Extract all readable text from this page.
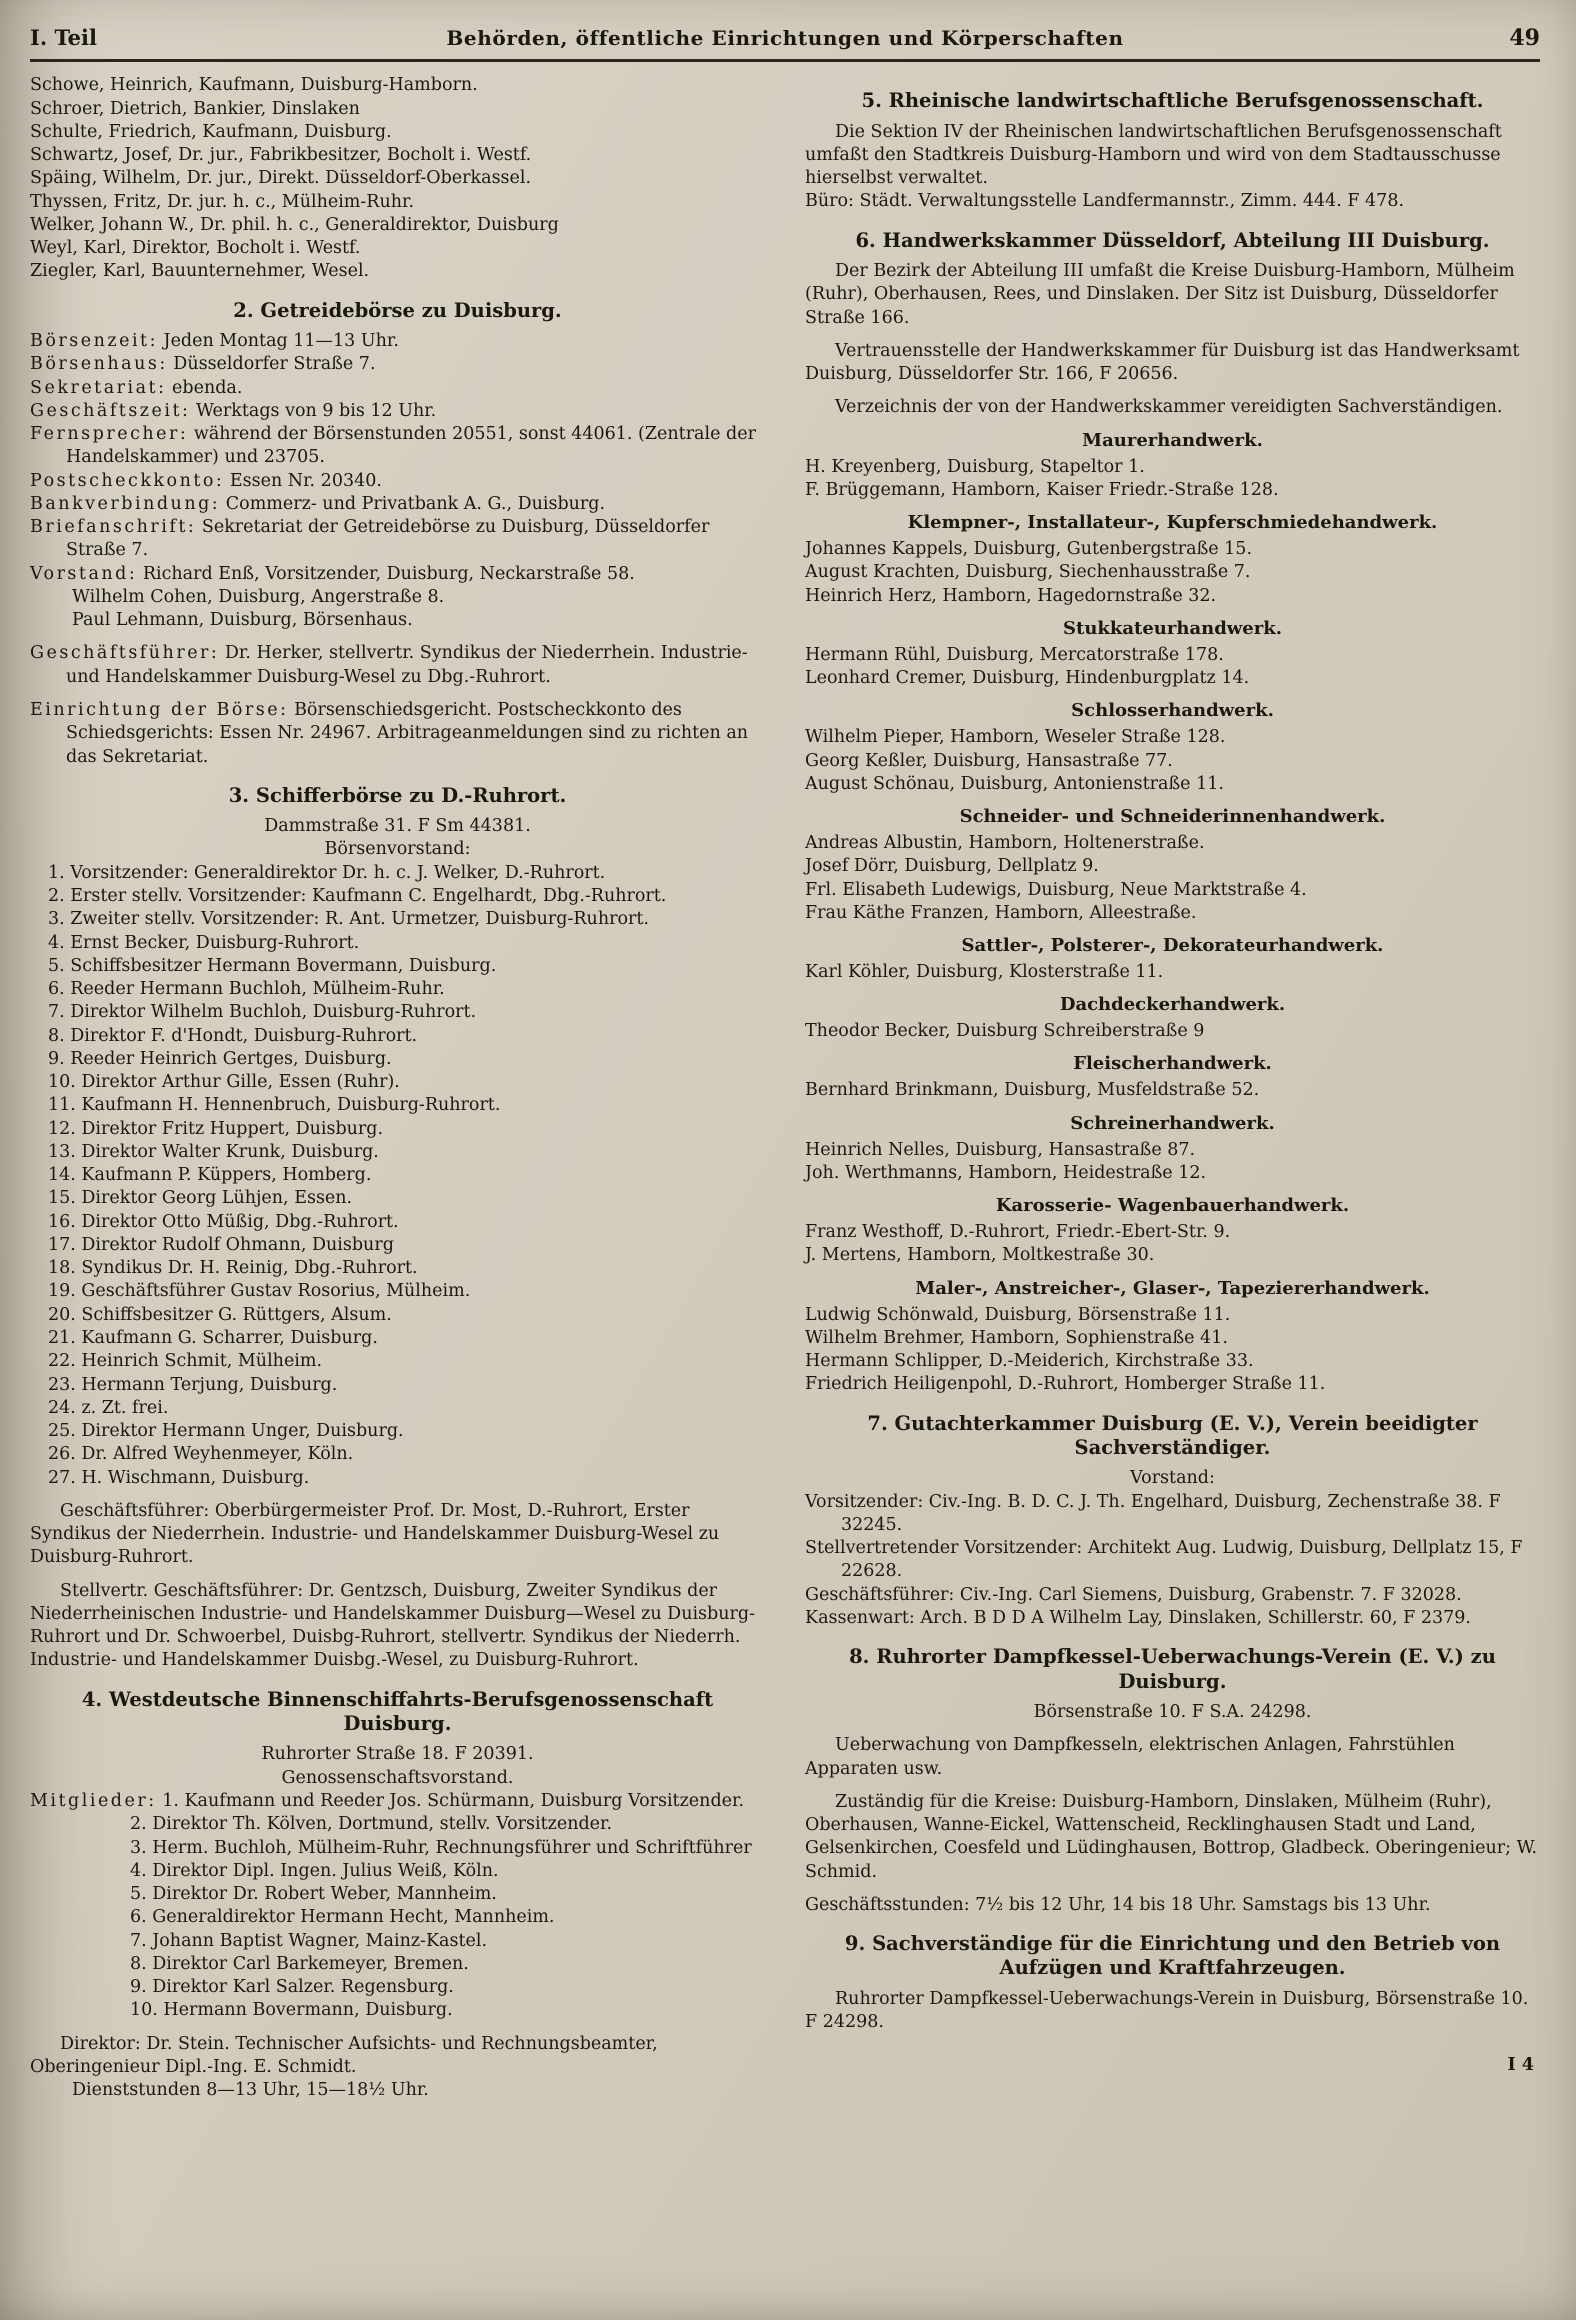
I. Teil	Behörden, öffentliche Einrichtungen und Körperschaften	49
Schowe, Heinrich, Kaufmann, Duisburg-Hamborn.
Schroer, Dietrich, Bankier, Dinslaken
Schulte, Friedrich, Kaufmann, Duisburg.
Schwartz, Josef, Dr. jur., Fabrikbesitzer, Bocholt i. Westf.
Späing, Wilhelm, Dr. jur., Direkt. Düsseldorf-Oberkassel.
Thyssen, Fritz, Dr. jur. h. c., Mülheim-Ruhr.
Welker, Johann W., Dr. phil. h. c., Generaldirektor, Duisburg
Weyl, Karl, Direktor, Bocholt i. Westf.
Ziegler, Karl, Bauunternehmer, Wesel.
2. Getreidebörse zu Duisburg.
Börsenzeit: Jeden Montag 11—13 Uhr.
Börsenhaus: Düsseldorfer Straße 7.
Sekretariat: ebenda.
Geschäftszeit: Werktags von 9 bis 12 Uhr.
Fernsprecher: während der Börsenstunden 20551, sonst 44061. (Zentrale der Handelskammer) und 23705.
Postscheckkonto: Essen Nr. 20340.
Bankverbindung: Commerz- und Privatbank A. G., Duisburg.
Briefanschrift: Sekretariat der Getreidebörse zu Duisburg, Düsseldorfer Straße 7.
Vorstand: Richard Enß, Vorsitzender, Duisburg, Neckarstraße 58.
Wilhelm Cohen, Duisburg, Angerstraße 8.
Paul Lehmann, Duisburg, Börsenhaus.
Geschäftsführer: Dr. Herker, stellvertr. Syndikus der Niederrhein. Industrie- und Handelskammer Duisburg-Wesel zu Dbg.-Ruhrort.
Einrichtung der Börse: Börsenschiedsgericht. Postscheckkonto des Schiedsgerichts: Essen Nr. 24967. Arbitrageanmeldungen sind zu richten an das Sekretariat.
3. Schifferbörse zu D.-Ruhrort.
Dammstraße 31. F Sm 44381.
Börsenvorstand:
1. Vorsitzender: Generaldirektor Dr. h. c. J. Welker, D.-Ruhrort.
2. Erster stellv. Vorsitzender: Kaufmann C. Engelhardt, Dbg.-Ruhrort.
3. Zweiter stellv. Vorsitzender: R. Ant. Urmetzer, Duisburg-Ruhrort.
4. Ernst Becker, Duisburg-Ruhrort.
5. Schiffsbesitzer Hermann Bovermann, Duisburg.
6. Reeder Hermann Buchloh, Mülheim-Ruhr.
7. Direktor Wilhelm Buchloh, Duisburg-Ruhrort.
8. Direktor F. d'Hondt, Duisburg-Ruhrort.
9. Reeder Heinrich Gertges, Duisburg.
10. Direktor Arthur Gille, Essen (Ruhr).
11. Kaufmann H. Hennenbruch, Duisburg-Ruhrort.
12. Direktor Fritz Huppert, Duisburg.
13. Direktor Walter Krunk, Duisburg.
14. Kaufmann P. Küppers, Homberg.
15. Direktor Georg Lühjen, Essen.
16. Direktor Otto Müßig, Dbg.-Ruhrort.
17. Direktor Rudolf Ohmann, Duisburg
18. Syndikus Dr. H. Reinig, Dbg.-Ruhrort.
19. Geschäftsführer Gustav Rosorius, Mülheim.
20. Schiffsbesitzer G. Rüttgers, Alsum.
21. Kaufmann G. Scharrer, Duisburg.
22. Heinrich Schmit, Mülheim.
23. Hermann Terjung, Duisburg.
24. z. Zt. frei.
25. Direktor Hermann Unger, Duisburg.
26. Dr. Alfred Weyhenmeyer, Köln.
27. H. Wischmann, Duisburg.
Geschäftsführer: Oberbürgermeister Prof. Dr. Most, D.-Ruhrort, Erster Syndikus der Niederrhein. Industrie- und Handelskammer Duisburg-Wesel zu Duisburg-Ruhrort.
Stellvertr. Geschäftsführer: Dr. Gentzsch, Duisburg, Zweiter Syndikus der Niederrheinischen Industrie- und Handelskammer Duisburg—Wesel zu Duisburg-Ruhrort und Dr. Schwoerbel, Duisbg-Ruhrort, stellvertr. Syndikus der Niederrh. Industrie- und Handelskammer Duisbg.-Wesel, zu Duisburg-Ruhrort.
4. Westdeutsche Binnenschiffahrts-Berufsgenossenschaft Duisburg.
Ruhrorter Straße 18. F 20391.
Genossenschaftsvorstand.
Mitglieder: 1. Kaufmann und Reeder Jos. Schürmann, Duisburg Vorsitzender.
2. Direktor Th. Kölven, Dortmund, stellv. Vorsitzender.
3. Herm. Buchloh, Mülheim-Ruhr, Rechnungsführer und Schriftführer
4. Direktor Dipl. Ingen. Julius Weiß, Köln.
5. Direktor Dr. Robert Weber, Mannheim.
6. Generaldirektor Hermann Hecht, Mannheim.
7. Johann Baptist Wagner, Mainz-Kastel.
8. Direktor Carl Barkemeyer, Bremen.
9. Direktor Karl Salzer. Regensburg.
10. Hermann Bovermann, Duisburg.
Direktor: Dr. Stein. Technischer Aufsichts- und Rechnungsbeamter, Oberingenieur Dipl.-Ing. E. Schmidt.
Dienststunden 8—13 Uhr, 15—18½ Uhr.
5. Rheinische landwirtschaftliche Berufsgenossenschaft.
Die Sektion IV der Rheinischen landwirtschaftlichen Berufsgenossenschaft umfaßt den Stadtkreis Duisburg-Hamborn und wird von dem Stadtausschusse hierselbst verwaltet.
Büro: Städt. Verwaltungsstelle Landfermannstr., Zimm. 444. F 478.
6. Handwerkskammer Düsseldorf, Abteilung III Duisburg.
Der Bezirk der Abteilung III umfaßt die Kreise Duisburg-Hamborn, Mülheim (Ruhr), Oberhausen, Rees, und Dinslaken. Der Sitz ist Duisburg, Düsseldorfer Straße 166.
Vertrauensstelle der Handwerkskammer für Duisburg ist das Handwerksamt Duisburg, Düsseldorfer Str. 166, F 20656.
Verzeichnis der von der Handwerkskammer vereidigten Sachverständigen.
Maurerhandwerk.
H. Kreyenberg, Duisburg, Stapeltor 1.
F. Brüggemann, Hamborn, Kaiser Friedr.-Straße 128.
Klempner-, Installateur-, Kupferschmiedehandwerk.
Johannes Kappels, Duisburg, Gutenbergstraße 15.
August Krachten, Duisburg, Siechenhausstraße 7.
Heinrich Herz, Hamborn, Hagedornstraße 32.
Stukkateurhandwerk.
Hermann Rühl, Duisburg, Mercatorstraße 178.
Leonhard Cremer, Duisburg, Hindenburgplatz 14.
Schlosserhandwerk.
Wilhelm Pieper, Hamborn, Weseler Straße 128.
Georg Keßler, Duisburg, Hansastraße 77.
August Schönau, Duisburg, Antonienstraße 11.
Schneider- und Schneiderinnenhandwerk.
Andreas Albustin, Hamborn, Holtenerstraße.
Josef Dörr, Duisburg, Dellplatz 9.
Frl. Elisabeth Ludewigs, Duisburg, Neue Marktstraße 4.
Frau Käthe Franzen, Hamborn, Alleestraße.
Sattler-, Polsterer-, Dekorateurhandwerk.
Karl Köhler, Duisburg, Klosterstraße 11.
Dachdeckerhandwerk.
Theodor Becker, Duisburg Schreiberstraße 9
Fleischerhandwerk.
Bernhard Brinkmann, Duisburg, Musfeldstraße 52.
Schreinerhandwerk.
Heinrich Nelles, Duisburg, Hansastraße 87.
Joh. Werthmanns, Hamborn, Heidestraße 12.
Karosserie- Wagenbauerhandwerk.
Franz Westhoff, D.-Ruhrort, Friedr.-Ebert-Str. 9.
J. Mertens, Hamborn, Moltkestraße 30.
Maler-, Anstreicher-, Glaser-, Tapeziererhandwerk.
Ludwig Schönwald, Duisburg, Börsenstraße 11.
Wilhelm Brehmer, Hamborn, Sophienstraße 41.
Hermann Schlipper, D.-Meiderich, Kirchstraße 33.
Friedrich Heiligenpohl, D.-Ruhrort, Homberger Straße 11.
7. Gutachterkammer Duisburg (E. V.), Verein beeidigter Sachverständiger.
Vorstand:
Vorsitzender: Civ.-Ing. B. D. C. J. Th. Engelhard, Duisburg, Zechenstraße 38. F 32245.
Stellvertretender Vorsitzender: Architekt Aug. Ludwig, Duisburg, Dellplatz 15, F 22628.
Geschäftsführer: Civ.-Ing. Carl Siemens, Duisburg, Grabenstr. 7. F 32028.
Kassenwart: Arch. B D D A Wilhelm Lay, Dinslaken, Schillerstr. 60, F 2379.
8. Ruhrorter Dampfkessel-Ueberwachungs-Verein (E. V.) zu Duisburg.
Börsenstraße 10. F S.A. 24298.
Ueberwachung von Dampfkesseln, elektrischen Anlagen, Fahrstühlen Apparaten usw.
Zuständig für die Kreise: Duisburg-Hamborn, Dinslaken, Mülheim (Ruhr), Oberhausen, Wanne-Eickel, Wattenscheid, Recklinghausen Stadt und Land, Gelsenkirchen, Coesfeld und Lüdinghausen, Bottrop, Gladbeck. Oberingenieur; W. Schmid.
Geschäftsstunden: 7½ bis 12 Uhr, 14 bis 18 Uhr. Samstags bis 13 Uhr.
9. Sachverständige für die Einrichtung und den Betrieb von Aufzügen und Kraftfahrzeugen.
Ruhrorter Dampfkessel-Ueberwachungs-Verein in Duisburg, Börsenstraße 10. F 24298.
I 4
